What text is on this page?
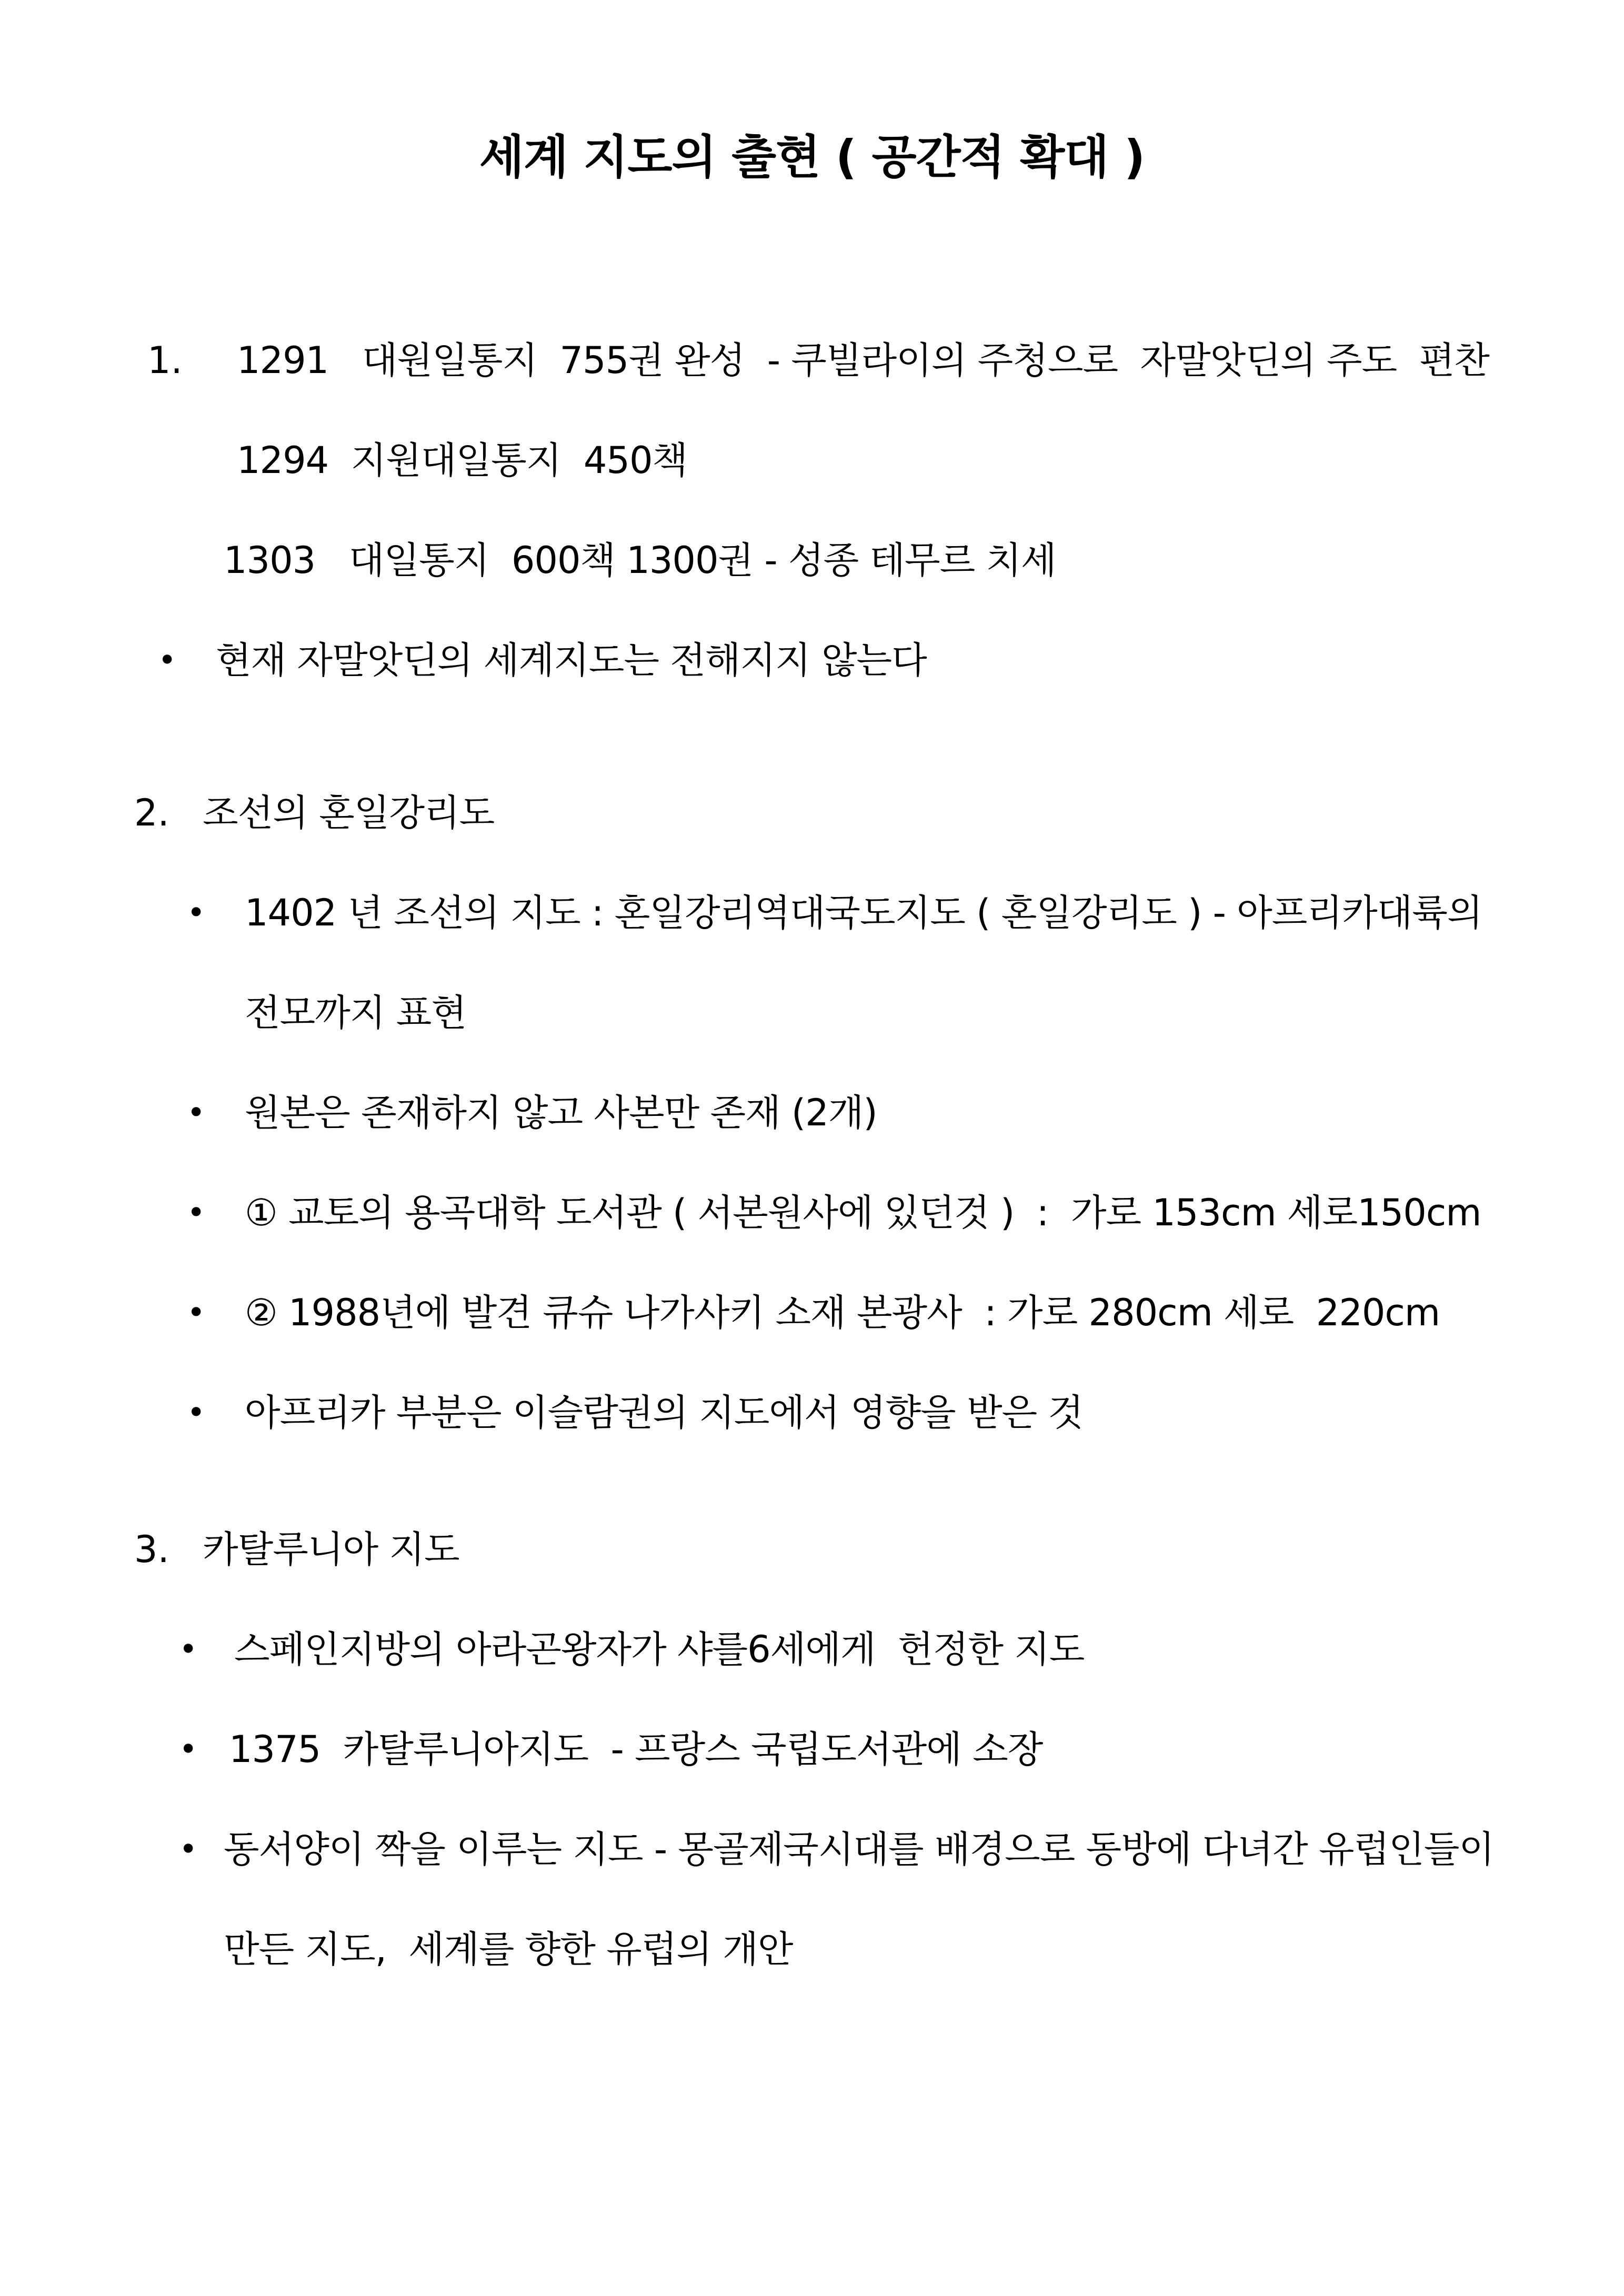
세계 지도의 출현 ( 공간적 확대 )
1. 1291   대원일통지  755권 완성  - 쿠빌라이의 주청으로  자말앗딘의 주도  편찬
1294  지원대일통지  450책
1303   대일통지  600책 1300권 - 성종 테무르 치세
• 현재 자말앗딘의 세계지도는 전해지지 않는다
2. 조선의 혼일강리도
• 1402 년 조선의 지도 : 혼일강리역대국도지도 ( 혼일강리도 ) - 아프리카대륙의
전모까지 표현
• 원본은 존재하지 않고 사본만 존재 (2개)
• ① 교토의 용곡대학 도서관 ( 서본원사에 있던것 )  :  가로 153cm 세로150cm
• ② 1988년에 발견 큐슈 나가사키 소재 본광사  : 가로 280cm 세로  220cm
• 아프리카 부분은 이슬람권의 지도에서 영향을 받은 것
3. 카탈루니아 지도
• 스페인지방의 아라곤왕자가 샤를6세에게  헌정한 지도
• 1375  카탈루니아지도  - 프랑스 국립도서관에 소장
• 동서양이 짝을 이루는 지도 - 몽골제국시대를 배경으로 동방에 다녀간 유럽인들이
만든 지도,  세계를 향한 유럽의 개안
